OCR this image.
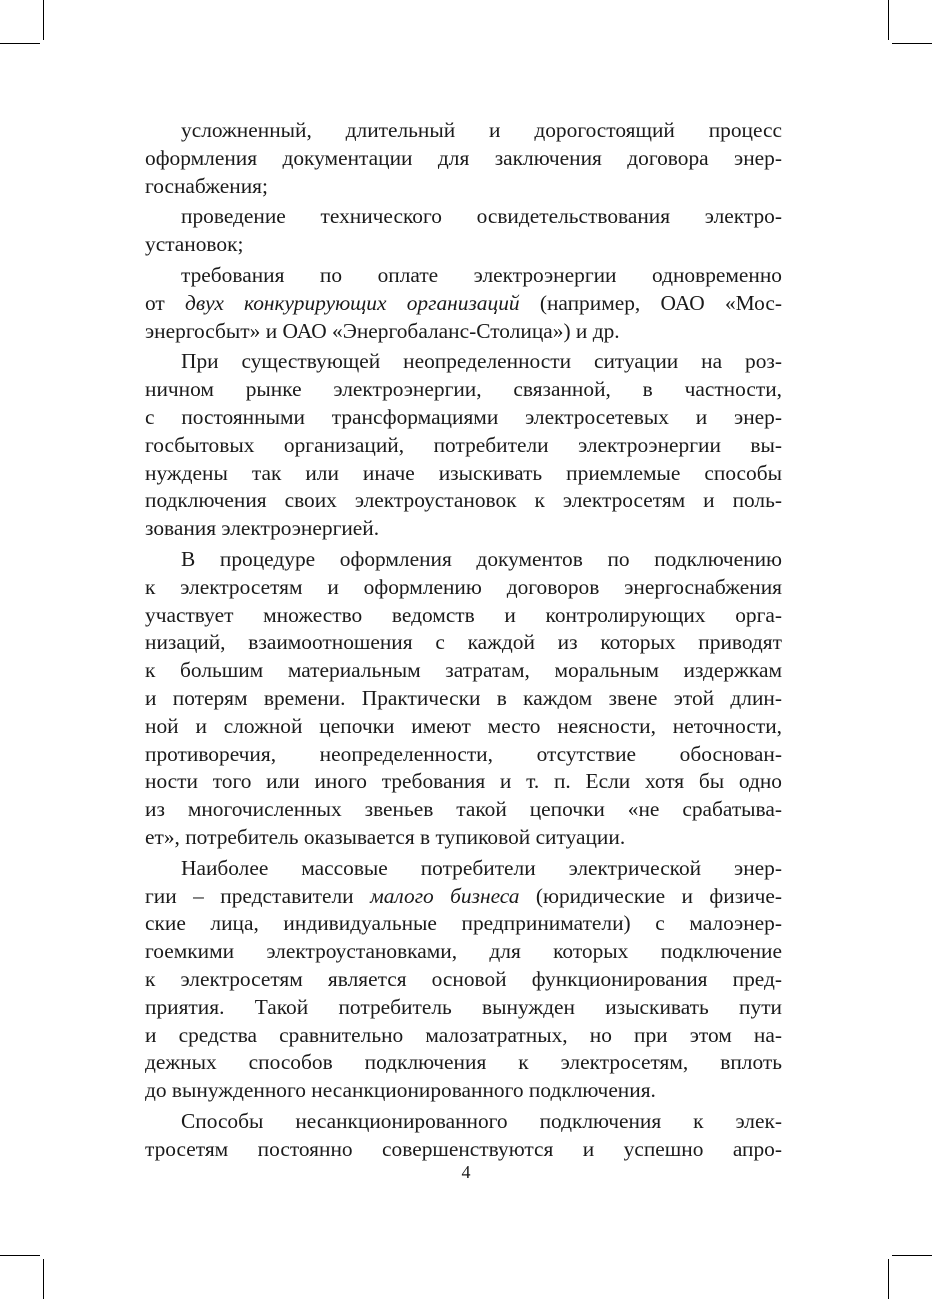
усложненный, длительный и дорогостоящий процесс
оформления документации для заключения договора энер-
госнабжения;
проведение технического освидетельствования электро-
установок;
требования по оплате электроэнергии одновременно
от двух конкурирующих организаций (например, ОАО «Мос-
энергосбыт» и ОАО «Энергобаланс-Столица») и др.
При существующей неопределенности ситуации на роз-
ничном рынке электроэнергии, связанной, в частности,
с постоянными трансформациями электросетевых и энер-
госбытовых организаций, потребители электроэнергии вы-
нуждены так или иначе изыскивать приемлемые способы
подключения своих электроустановок к электросетям и поль-
зования электроэнергией.
В процедуре оформления документов по подключению
к электросетям и оформлению договоров энергоснабжения
участвует множество ведомств и контролирующих орга-
низаций, взаимоотношения с каждой из которых приводят
к большим материальным затратам, моральным издержкам
и потерям времени. Практически в каждом звене этой длин-
ной и сложной цепочки имеют место неясности, неточности,
противоречия, неопределенности, отсутствие обоснован-
ности того или иного требования и т. п. Если хотя бы одно
из многочисленных звеньев такой цепочки «не срабатыва-
ет», потребитель оказывается в тупиковой ситуации.
Наиболее массовые потребители электрической энер-
гии – представители малого бизнеса (юридические и физиче-
ские лица, индивидуальные предприниматели) с малоэнер-
гоемкими электроустановками, для которых подключение
к электросетям является основой функционирования пред-
приятия. Такой потребитель вынужден изыскивать пути
и средства сравнительно малозатратных, но при этом на-
дежных способов подключения к электросетям, вплоть
до вынужденного несанкционированного подключения.
Способы несанкционированного подключения к элек-
тросетям постоянно совершенствуются и успешно апро-
4
